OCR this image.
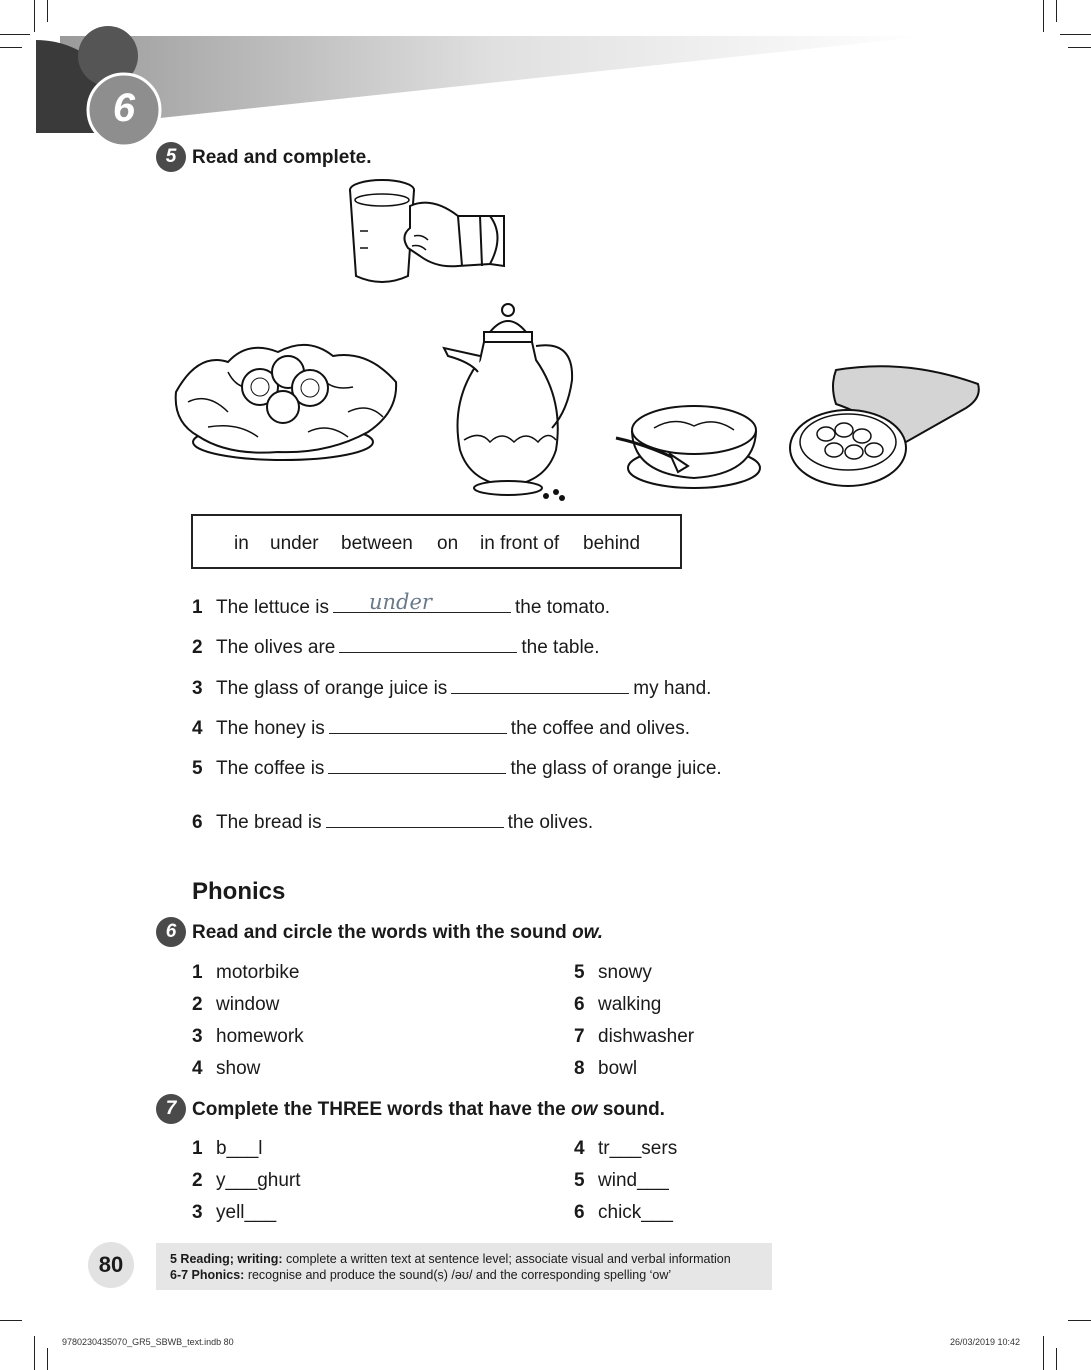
6
5 Read and complete.
in under between on in front of behind
1 The lettuce is under	the tomato.
2 The olives are	the table.
3 The glass of orange juice is	my hand.
4 The honey is	the coffee and olives.
5 The coffee is	the glass of orange juice.
6 The bread is	the olives.
Phonics
6 Read and circle the words with the sound ow.
1 motorbike
2 window
3 homework
4 show
5 snowy
6 walking
7 dishwasher
8 bowl
7 Complete the THREE words that have the ow sound.
1 b___l
2 y___ghurt
3 yell___
4 tr___sers
5 wind___
6 chick___
80	5 Reading; writing: complete a written text at sentence level; associate visual and verbal information
6-7 Phonics: recognise and produce the sound(s) /əʊ/ and the corresponding spelling ‘ow’
9780230435070_GR5_SBWB_text.indb 80	26/03/2019 10:42
